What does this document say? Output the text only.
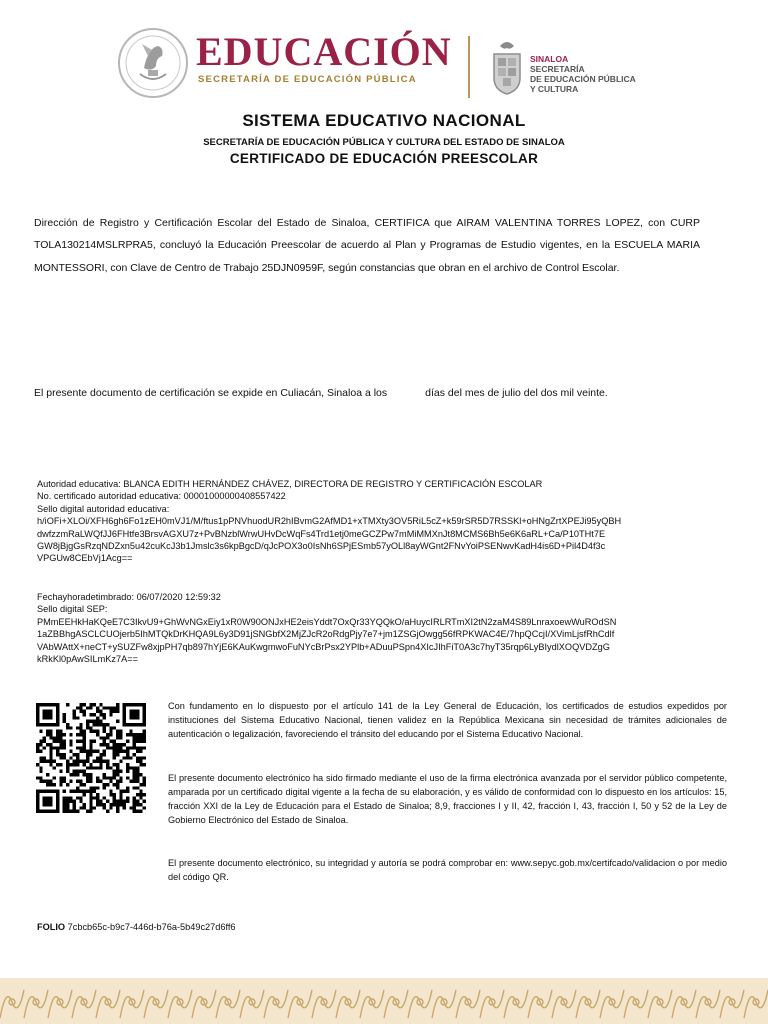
EDUCACIÓN
SECRETARÍA DE EDUCACIÓN PÚBLICA
SINALOA
SECRETARÍA
DE EDUCACIÓN PÚBLICA
Y CULTURA
SISTEMA EDUCATIVO NACIONAL
SECRETARÍA DE EDUCACIÓN PÚBLICA Y CULTURA DEL ESTADO DE SINALOA
CERTIFICADO DE EDUCACIÓN PREESCOLAR
Dirección de Registro y Certificación Escolar del Estado de Sinaloa, CERTIFICA que AIRAM VALENTINA TORRES LOPEZ, con CURP TOLA130214MSLRPRA5, concluyó la Educación Preescolar de acuerdo al Plan y Programas de Estudio vigentes, en la ESCUELA MARIA MONTESSORI, con Clave de Centro de Trabajo 25DJN0959F, según constancias que obran en el archivo de Control Escolar.
El presente documento de certificación se expide en Culiacán, Sinaloa a los	días del mes de julio del dos mil veinte.
Autoridad educativa: BLANCA EDITH HERNÁNDEZ CHÁVEZ, DIRECTORA DE REGISTRO Y CERTIFICACIÓN ESCOLAR
No. certificado autoridad educativa: 00001000000408557422
Sello digital autoridad educativa:
h/iOFi+XLOi/XFH6gh6Fo1zEH0mVJ1/M/ftus1pPNVhuodUR2hIBvmG2AfMD1+xTMXty3OV5RiL5cZ+k59rSR5D7RSSKl+oHNgZrtXPEJi95yQBH
dwfzzmRaLWQfJJ6FHtfe3BrsvAGXU7z+PvBNzblWrwUHvDcWqFs4Trd1etj0meGCZPw7mMiMMXnJt8MCMS6Bh5e6K6aRL+Ca/P10THt7E
GW8jBjgGsRzqNDZxn5u42cuKcJ3b1Jmslc3s6kpBgcD/qJcPOX3o0IsNh6SPjESmb57yOLl8ayWGnt2FNvYoiPSENwvKadH4is6D+Pil4D4f3c
VPGUw8CEbVj1Acg==
Fechayhoradetimbrado: 06/07/2020 12:59:32
Sello digital SEP:
PMmEEHkHaKQeE7C3IkvU9+GhWvNGxEiy1xR0W90ONJxHE2eisYddt7OxQr33YQQkO/aHuycIRLRTmXI2tN2zaM4S89LnraxoewWuROdSN
1aZBBhgASCLCUOjerb5IhMTQkDrKHQA9L6y3D91jSNGbfX2MjZJcR2oRdgPjy7e7+jm1ZSGjOwgg56fRPKWAC4E/7hpQCcjI/XVimLjsfRhCdlf
VAbWAttX+neCT+ySUZFw8xjpPH7qb897hYjE6KAuKwgmwoFuNYcBrPsx2YPlb+ADuuPSpn4XIcJIhFiT0A3c7hyT35rqp6LyBIydlXOQVDZgG
kRkKl0pAwSILmKz7A==
Con fundamento en lo dispuesto por el artículo 141 de la Ley General de Educación, los certificados de estudios expedidos por instituciones del Sistema Educativo Nacional, tienen validez en la República Mexicana sin necesidad de trámites adicionales de autenticación o legalización, favoreciendo el tránsito del educando por el Sistema Educativo Nacional.
El presente documento electrónico ha sido firmado mediante el uso de la firma electrónica avanzada por el servidor público competente, amparada por un certificado digital vigente a la fecha de su elaboración, y es válido de conformidad con lo dispuesto en los artículos: 15, fracción XXI de la Ley de Educación para el Estado de Sinaloa; 8,9, fracciones I y II, 42, fracción I, 43, fracción I, 50 y 52 de la Ley de Gobierno Electrónico del Estado de Sinaloa.
El presente documento electrónico, su integridad y autoría se podrá comprobar en: www.sepyc.gob.mx/certifcado/validacion o por medio del código QR.
FOLIO 7cbcb65c-b9c7-446d-b76a-5b49c27d6ff6
